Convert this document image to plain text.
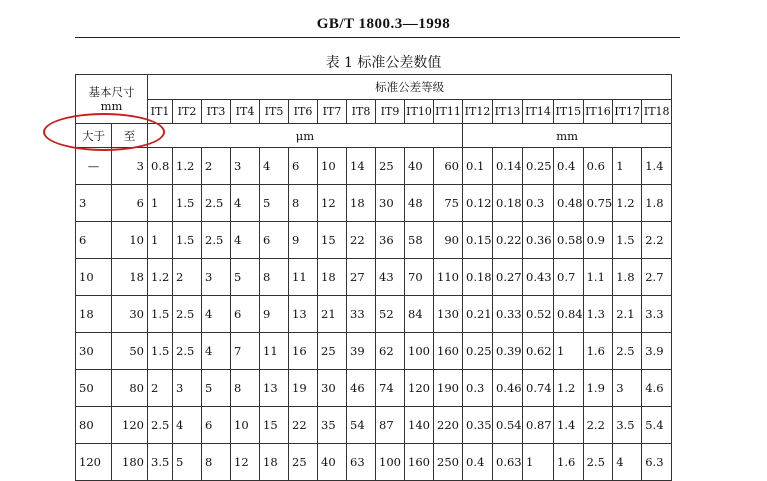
GB/T 1800.3—1998
表 1 标准公差数值
基本尺寸
mm		标准公差等级																	
		IT1	IT2	IT3	IT4	IT5	IT6	IT7	IT8	IT9	IT10	IT11	IT12	IT13	IT14	IT15	IT16	IT17	IT18
大于	至	μm											mm						
—	3	0.8	1.2	2	3	4	6	10	14	25	40	60	0.1	0.14	0.25	0.4	0.6	1	1.4
3	6	1	1.5	2.5	4	5	8	12	18	30	48	75	0.12	0.18	0.3	0.48	0.75	1.2	1.8
6	10	1	1.5	2.5	4	6	9	15	22	36	58	90	0.15	0.22	0.36	0.58	0.9	1.5	2.2
10	18	1.2	2	3	5	8	11	18	27	43	70	110	0.18	0.27	0.43	0.7	1.1	1.8	2.7
18	30	1.5	2.5	4	6	9	13	21	33	52	84	130	0.21	0.33	0.52	0.84	1.3	2.1	3.3
30	50	1.5	2.5	4	7	11	16	25	39	62	100	160	0.25	0.39	0.62	1	1.6	2.5	3.9
50	80	2	3	5	8	13	19	30	46	74	120	190	0.3	0.46	0.74	1.2	1.9	3	4.6
80	120	2.5	4	6	10	15	22	35	54	87	140	220	0.35	0.54	0.87	1.4	2.2	3.5	5.4
120	180	3.5	5	8	12	18	25	40	63	100	160	250	0.4	0.63	1	1.6	2.5	4	6.3
